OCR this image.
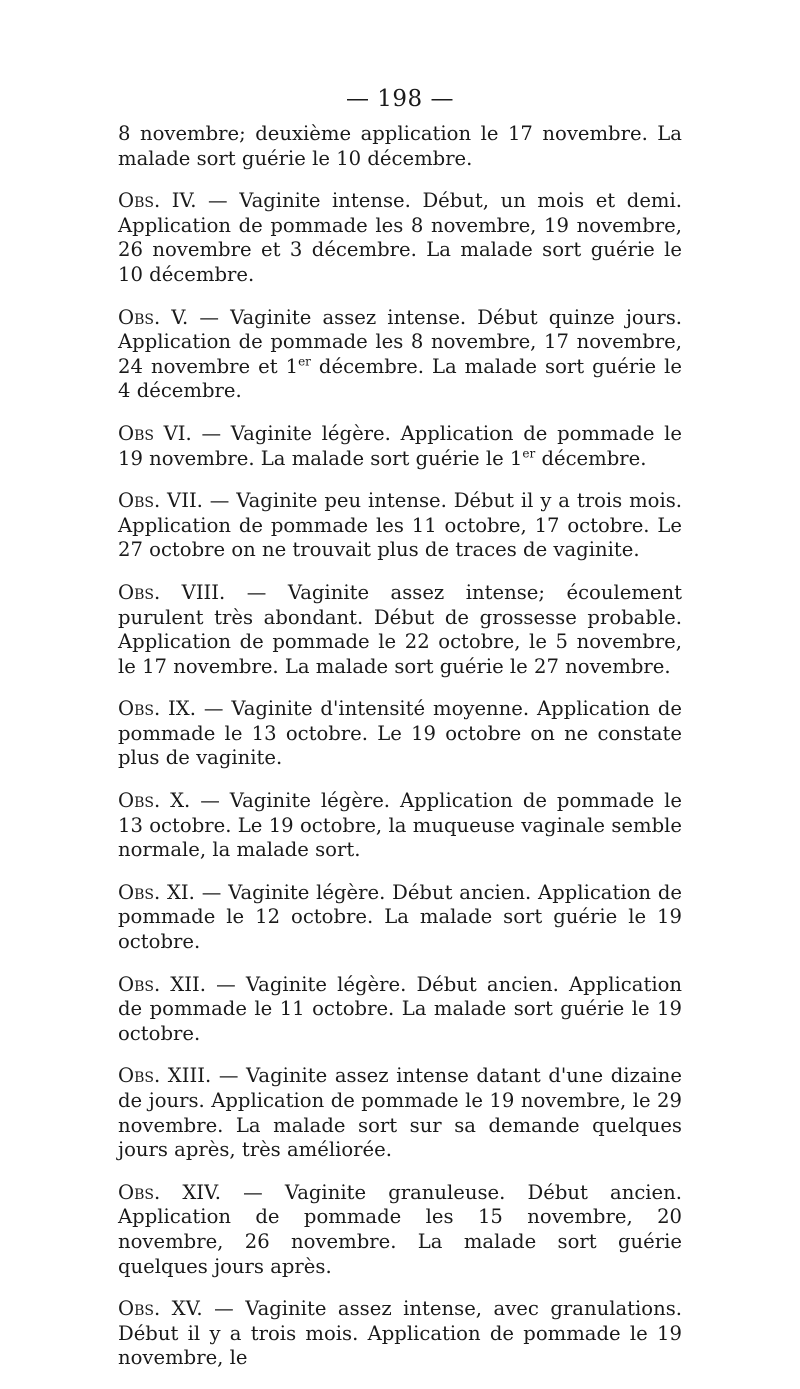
— 198 —

8 novembre; deuxième application le 17 novembre. La malade sort guérie le 10 décembre.

Obs. IV. — Vaginite intense. Début, un mois et demi. Application de pommade les 8 novembre, 19 novembre, 26 novembre et 3 décembre. La malade sort guérie le 10 décembre.

Obs. V. — Vaginite assez intense. Début quinze jours. Application de pommade les 8 novembre, 17 novembre, 24 novembre et 1er décembre. La malade sort guérie le 4 décembre.

Obs VI. — Vaginite légère. Application de pommade le 19 novembre. La malade sort guérie le 1er décembre.

Obs. VII. — Vaginite peu intense. Début il y a trois mois. Application de pommade les 11 octobre, 17 octobre. Le 27 octobre on ne trouvait plus de traces de vaginite.

Obs. VIII. — Vaginite assez intense; écoulement purulent très abondant. Début de grossesse probable. Application de pommade le 22 octobre, le 5 novembre, le 17 novembre. La malade sort guérie le 27 novembre.

Obs. IX. — Vaginite d'intensité moyenne. Application de pommade le 13 octobre. Le 19 octobre on ne constate plus de vaginite.

Obs. X. — Vaginite légère. Application de pommade le 13 octobre. Le 19 octobre, la muqueuse vaginale semble normale, la malade sort.

Obs. XI. — Vaginite légère. Début ancien. Application de pommade le 12 octobre. La malade sort guérie le 19 octobre.

Obs. XII. — Vaginite légère. Début ancien. Application de pommade le 11 octobre. La malade sort guérie le 19 octobre.

Obs. XIII. — Vaginite assez intense datant d'une dizaine de jours. Application de pommade le 19 novembre, le 29 novembre. La malade sort sur sa demande quelques jours après, très améliorée.

Obs. XIV. — Vaginite granuleuse. Début ancien. Application de pommade les 15 novembre, 20 novembre, 26 novembre. La malade sort guérie quelques jours après.

Obs. XV. — Vaginite assez intense, avec granulations. Début il y a trois mois. Application de pommade le 19 novembre, le
